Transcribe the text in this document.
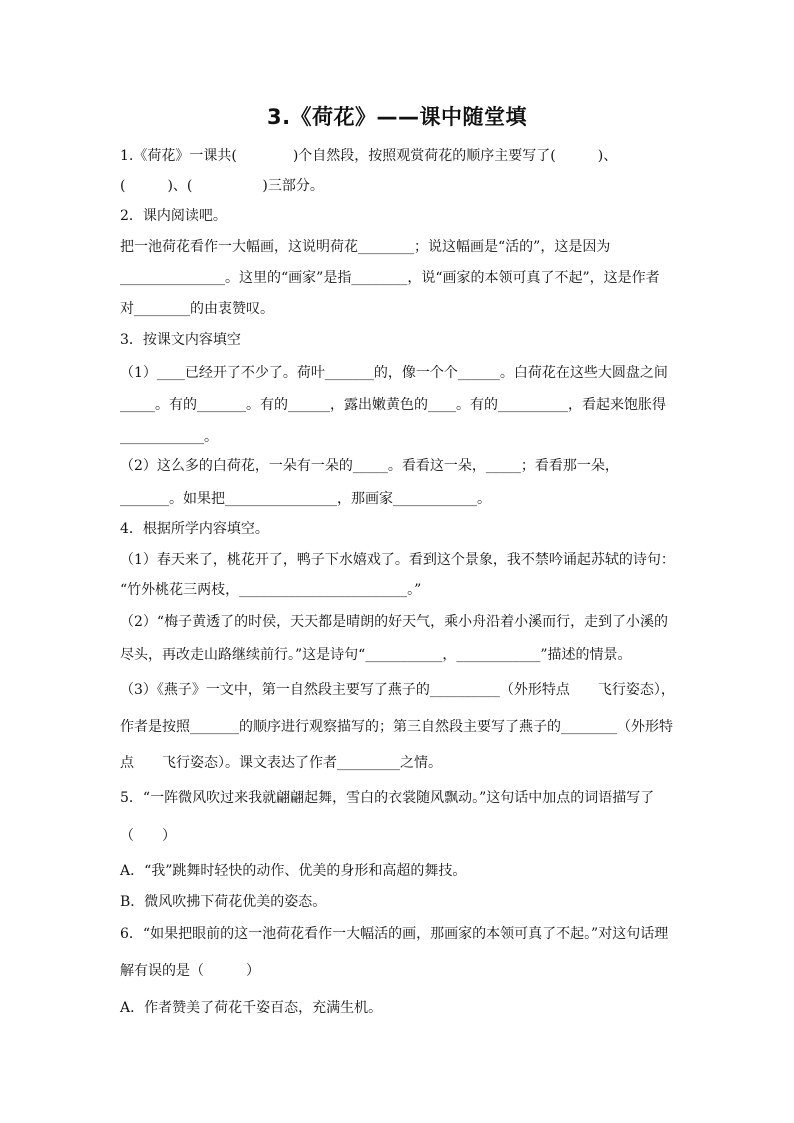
3.《荷花》——课中随堂填
1.《荷花》一课共(　　　　)个自然段，按照观赏荷花的顺序主要写了(　　　)、
(　　　)、(　　　　　)三部分。
2．课内阅读吧。
把一池荷花看作一大幅画，这说明荷花________；说这幅画是“活的”，这是因为
_______________。这里的“画家”是指________，说“画家的本领可真了不起”，这是作者
对________的由衷赞叹。
3．按课文内容填空
（1）____已经开了不少了。荷叶_______的，像一个个______。白荷花在这些大圆盘之间
_____。有的_______。有的______，露出嫩黄色的____。有的__________，看起来饱胀得
____________。
（2）这么多的白荷花，一朵有一朵的_____。看看这一朵，_____；看看那一朵，
_______。如果把________________，那画家____________。
4．根据所学内容填空。
（1）春天来了，桃花开了，鸭子下水嬉戏了。看到这个景象，我不禁吟诵起苏轼的诗句：
“竹外桃花三两枝，________________________。”
（2）“梅子黄透了的时侯，天天都是晴朗的好天气，乘小舟沿着小溪而行，走到了小溪的
尽头，再改走山路继续前行。”这是诗句“___________，____________”描述的情景。
（3）《燕子》一文中，第一自然段主要写了燕子的__________（外形特点　　飞行姿态），
作者是按照_______的顺序进行观察描写的；第三自然段主要写了燕子的________（外形特
点　　飞行姿态）。课文表达了作者_________之情。
5．“一阵微风吹过来我就翩翩起舞，雪白的衣裳随风飘动。”这句话中加点的词语描写了
（　　）
A．“我”跳舞时轻快的动作、优美的身形和高超的舞技。
B．微风吹拂下荷花优美的姿态。
6．“如果把眼前的这一池荷花看作一大幅活的画，那画家的本领可真了不起。”对这句话理
解有误的是（　　　）
A．作者赞美了荷花千姿百态，充满生机。
